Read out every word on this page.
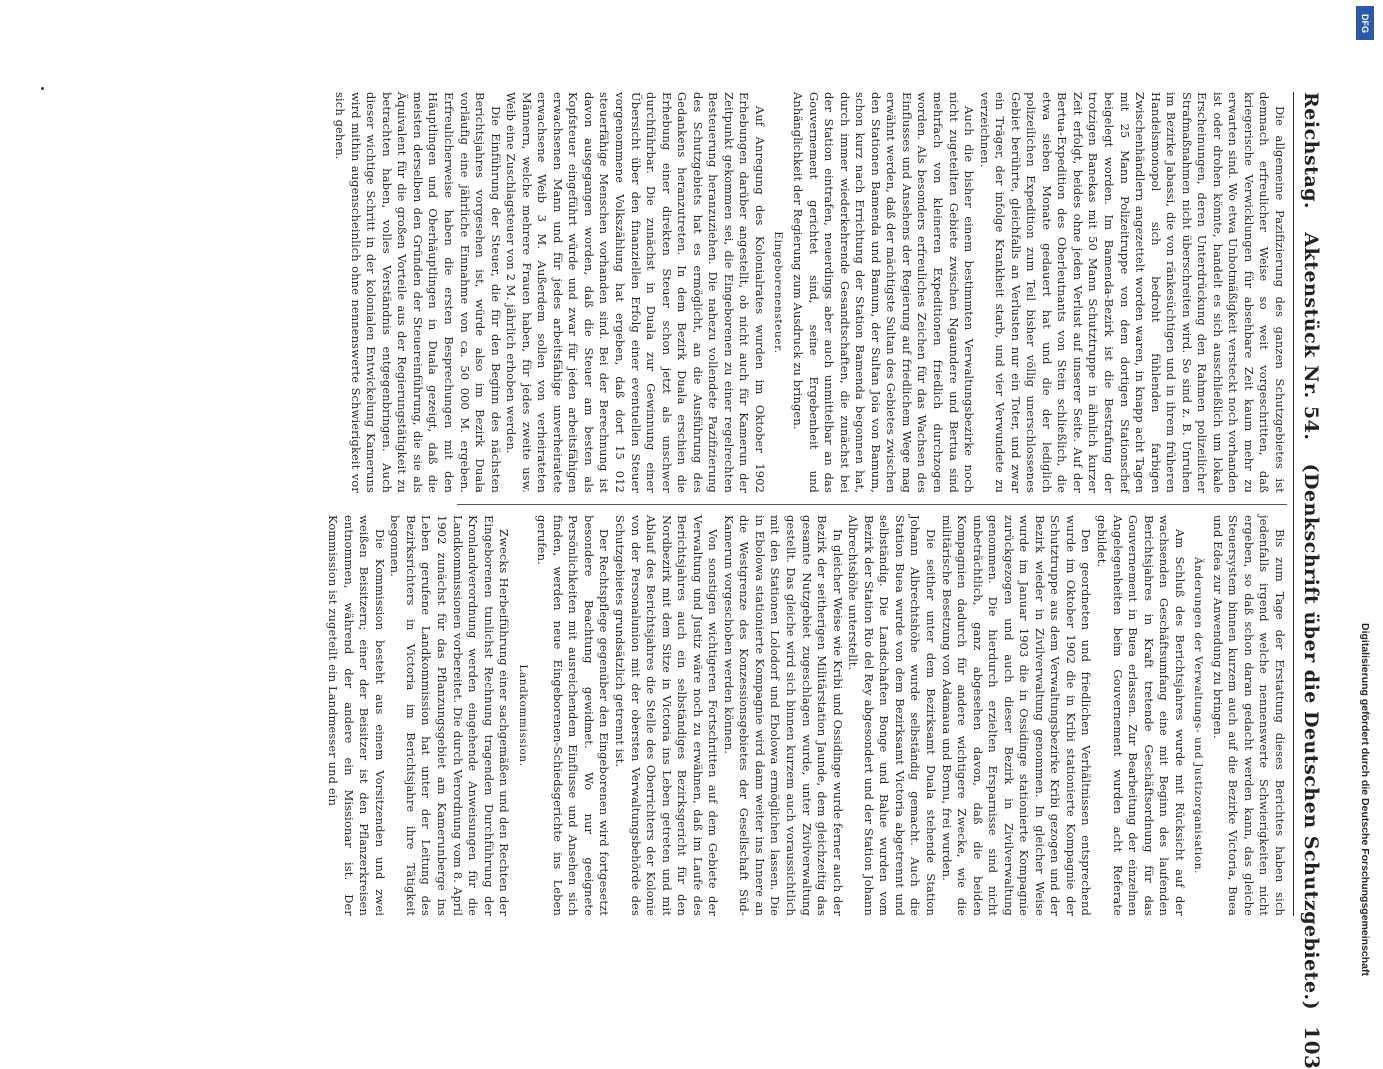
Reichstag. Aktenstück Nr. 54. (Denkschrift über die Deutschen Schutzgebiete.)
103

Die allgemeine Pazifizierung des ganzen Schutzgebietes ist demnach erfreulicher Weise so weit vorgeschritten, daß kriegerische Verwicklungen für absehbare Zeit kaum mehr zu erwarten sind. Wo etwa Unbotmäßigkeit versteckt noch vorhanden ist oder drohen könnte, handelt es sich ausschließlich um lokale Erscheinungen, deren Unterdrückung den Rahmen polizeilicher Strafmaßnahmen nicht überschreiten wird. So sind z. B. Unruhen im Bezirke Jabassi, die von ränkesüchtigen und in ihrem früheren Handelsmonopol sich bedroht fühlenden farbigen Zwischenhändlern angezettelt worden waren, in knapp acht Tagen mit 25 Mann Polizeitruppe von dem dortigen Stationschef beigelegt worden. Im Bamenda-Bezirk ist die Bestrafung der trotzigen Banekas mit 50 Mann Schutztruppe in ähnlich kurzer Zeit erfolgt, beides ohne jeden Verlust auf unserer Seite. Auf der Bertua-Expedition des Oberleutnants von Stein schließlich, die etwa sieben Monate gedauert hat und die der lediglich polizeilichen Expedition zum Teil bisher völlig unerschlossenes Gebiet berührte, gleichfalls an Verlusten nur ein Toter, und zwar ein Träger, der infolge Krankheit starb, und vier Verwundete zu verzeichnen.

Auch die bisher einem bestimmten Verwaltungsbezirke noch nicht zugeteilten Gebiete zwischen Ngaundere und Bertua sind mehrfach von kleineren Expeditionen friedlich durchzogen worden. Als besonders erfreuliches Zeichen für das Wachsen des Einflusses und Ansehens der Regierung auf friedlichem Wege mag erwähnt werden, daß der mächtigste Sultan des Gebietes zwischen den Stationen Bamenda und Bamum, der Sultan Joia von Bamum, schon kurz nach Errichtung der Station Bamenda begonnen hat, durch immer wiederkehrende Gesandtschaften, die zunächst bei der Station eintrafen, neuerdings aber auch unmittelbar an das Gouvernement gerichtet sind, seine Ergebenheit und Anhänglichkeit der Regierung zum Ausdruck zu bringen.

Eingeborenensteuer.

Auf Anregung des Kolonialrates wurden im Oktober 1902 Erhebungen darüber angestellt, ob nicht auch für Kamerun der Zeitpunkt gekommen sei, die Eingeborenen zu einer regelrechten Besteuerung heranzuziehen. Die nahezu vollendete Pazifizierung des Schutzgebiets hat es ermöglicht, an die Ausführung des Gedankens heranzutreten. In dem Bezirk Duala erschien die Erhebung einer direkten Steuer schon jetzt als unschwer durchführbar. Die zunächst in Duala zur Gewinnung einer Übersicht über den finanziellen Erfolg einer eventuellen Steuer vorgenommene Volkszählung hat ergeben, daß dort 15 012 steuerfähige Menschen vorhanden sind. Bei der Berechnung ist davon ausgegangen worden, daß die Steuer am besten als Kopfsteuer eingeführt würde und zwar für jeden arbeitsfähigen erwachsenen Mann und für jedes arbeitsfähige unverheiratete erwachsene Weib 3 M. Außerdem sollen von verheirateten Männern, welche mehrere Frauen haben, für jedes zweite usw. Weib eine Zuschlagsteuer von 2 M. jährlich erhoben werden.

Die Einführung der Steuer, die für den Beginn des nächsten Berichtsjahres vorgesehen ist, würde also im Bezirk Duala vorläufig eine jährliche Einnahme von ca. 50 000 M. ergeben. Erfreulicherweise haben die ersten Besprechungen mit den Häuptlingen und Oberhäuptlingen in Duala gezeigt, daß die meisten derselben den Gründen der Steuereinführung, die sie als Äquivalent für die großen Vorteile aus der Regierungstätigkeit zu betrachten haben, volles Verständnis entgegenbringen. Auch dieser wichtige Schritt in der kolonialen Entwickelung Kameruns wird mithin augenscheinlich ohne nennenswerte Schwierigkeit vor sich gehen.

Bis zum Tage der Erstattung dieses Berichtes haben sich jedenfalls irgend welche nennenswerte Schwierigkeiten nicht ergeben, so daß schon daran gedacht werden kann, das gleiche Steuersystem binnen kurzem auch auf die Bezirke Victoria, Buea und Edea zur Anwendung zu bringen.

Änderungen der Verwaltungs- und Justizorganisation.

Am Schluß des Berichtsjahres wurde mit Rücksicht auf der wachsenden Geschäftsumfang eine mit Beginn des laufenden Berichtsjahres in Kraft tretende Geschäftsordnung für das Gouvernement in Buea erlassen. Zur Bearbeitung der einzelnen Angelegenheiten beim Gouvernement wurden acht Referate gebildet.

Den geordneten und friedlichen Verhältnissen entsprechend wurde im Oktober 1902 die in Kribi stationierte Kompagnie der Schutztruppe aus dem Verwaltungsbezirke Kribi gezogen und der Bezirk wieder in Zivilverwaltung genommen. In gleicher Weise wurde im Januar 1903 die in Ossidinge stationierte Kompagnie zurückgezogen und auch dieser Bezirk in Zivilverwaltung genommen. Die hierdurch erzielten Ersparnisse sind nicht unbeträchtlich, ganz abgesehen davon, daß die beiden Kompagnien dadurch für andere wichtigere Zwecke, wie die militärische Besetzung von Adamaua und Bornu, frei wurden.

Die seither unter dem Bezirksamt Duala stehende Station Johann Albrechtshöhe wurde selbständig gemacht. Auch die Station Buea wurde von dem Bezirksamt Victoria abgetrennt und selbständig. Die Landschaften Bonge und Balue wurden vom Bezirk der Station Rio del Rey abgesondert und der Station Johann Albrechtshöhe unterstellt.

In gleicher Weise wie Kribi und Ossidinge wurde ferner auch der Bezirk der seitherigen Militärstation Jaunde, dem gleichzeitig das gesamte Nutzgebiet zugeschlagen wurde, unter Zivilverwaltung gestellt. Das gleiche wird sich binnen kurzem auch voraussichtlich mit den Stationen Lolodorf und Ebolowa ermöglichen lassen. Die in Ebolowa stationierte Kompagnie wird dann weiter ins Innere an die Westgrenze des Konzessionsgebietes der Gesellschaft Süd-Kamerun vorgeschoben werden können.

Von sonstigen wichtigeren Fortschritten auf dem Gebiete der Verwaltung und Justiz wäre noch zu erwähnen, daß im Laufe des Berichtsjahres auch ein selbständiges Bezirksgericht für den Nordbezirk mit dem Sitze in Victoria ins Leben getreten und mit Ablauf des Berichtsjahres die Stelle des Oberrichters der Kolonie von der Personalunion mit der obersten Verwaltungsbehörde des Schutzgebietes grundsätzlich getrennt ist.

Der Rechtspflege gegenüber den Eingeborenen wird fortgesetzt besondere Beachtung gewidmet. Wo nur geeignete Persönlichkeiten mit ausreichendem Einflusse und Ansehen sich finden, werden neue Eingeborenen-Schiedsgerichte ins Leben gerufen.

Landkommission.

Zwecks Herbeiführung einer sachgemäßen und den Rechten der Eingeborenen tunlichst Rechnung tragenden Durchführung der Kronlandverordnung werden eingehende Anweisungen für die Landkommissionen vorbereitet. Die durch Verordnung vom 8. April 1902 zunächst für das Pflanzungsgebiet am Kamerunberge ins Leben gerufene Landkommission hat unter der Leitung des Bezirksrichters in Victoria im Berichtsjahre ihre Tätigkeit begonnen.

Die Kommission besteht aus einem Vorsitzenden und zwei weißen Beisitzern; einer der Beisitzer ist den Pflanzerkreisen entnommen, während der andere ein Missionar ist. Der Kommission ist zugeteilt ein Landmesser und ein	Digitalisierung gefördert durch die Deutsche Forschungsgemeinschaft
DFG
